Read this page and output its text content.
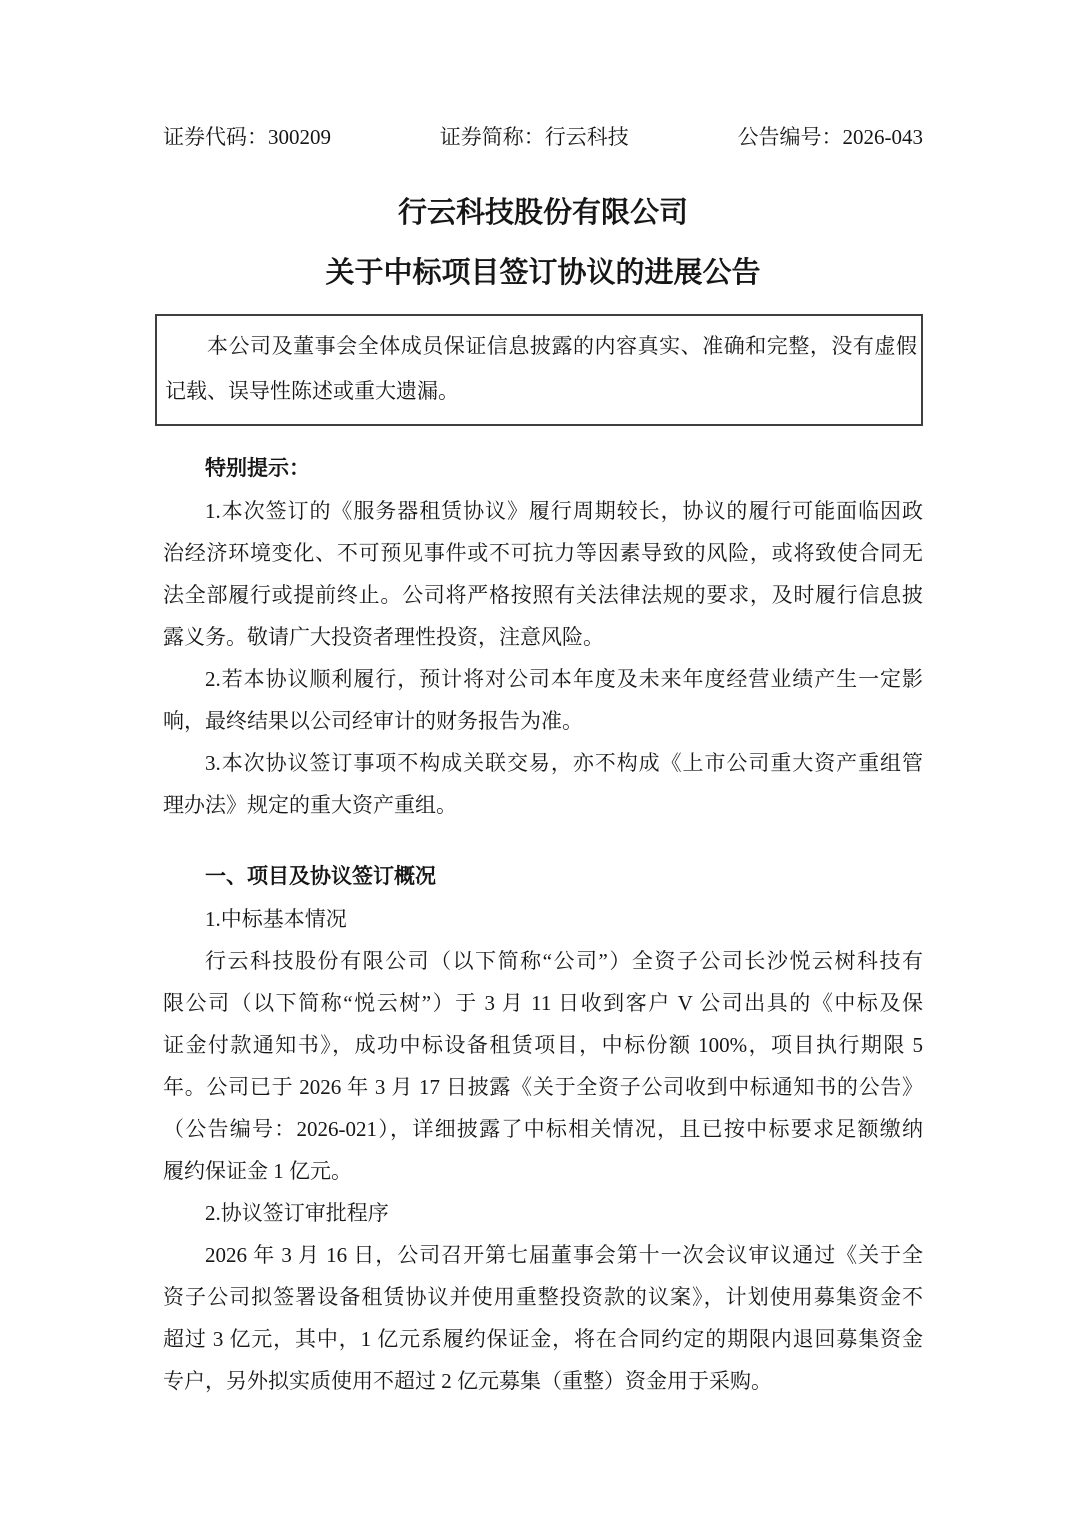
证券代码：300209	证券简称：行云科技	公告编号：2026-043
行云科技股份有限公司
关于中标项目签订协议的进展公告
本公司及董事会全体成员保证信息披露的内容真实、准确和完整，没有虚假
记载、误导性陈述或重大遗漏。
特别提示：
1.本次签订的《服务器租赁协议》履行周期较长，协议的履行可能面临因政
治经济环境变化、不可预见事件或不可抗力等因素导致的风险，或将致使合同无
法全部履行或提前终止。公司将严格按照有关法律法规的要求，及时履行信息披
露义务。敬请广大投资者理性投资，注意风险。
2.若本协议顺利履行，预计将对公司本年度及未来年度经营业绩产生一定影
响，最终结果以公司经审计的财务报告为准。
3.本次协议签订事项不构成关联交易，亦不构成《上市公司重大资产重组管
理办法》规定的重大资产重组。
一、项目及协议签订概况
1.中标基本情况
行云科技股份有限公司（以下简称“公司”）全资子公司长沙悦云树科技有
限公司（以下简称“悦云树”）于 3 月 11 日收到客户 V 公司出具的《中标及保
证金付款通知书》，成功中标设备租赁项目，中标份额 100%，项目执行期限 5
年。公司已于 2026 年 3 月 17 日披露《关于全资子公司收到中标通知书的公告》
（公告编号：2026-021），详细披露了中标相关情况，且已按中标要求足额缴纳
履约保证金 1 亿元。
2.协议签订审批程序
2026 年 3 月 16 日，公司召开第七届董事会第十一次会议审议通过《关于全
资子公司拟签署设备租赁协议并使用重整投资款的议案》，计划使用募集资金不
超过 3 亿元，其中，1 亿元系履约保证金，将在合同约定的期限内退回募集资金
专户，另外拟实质使用不超过 2 亿元募集（重整）资金用于采购。
